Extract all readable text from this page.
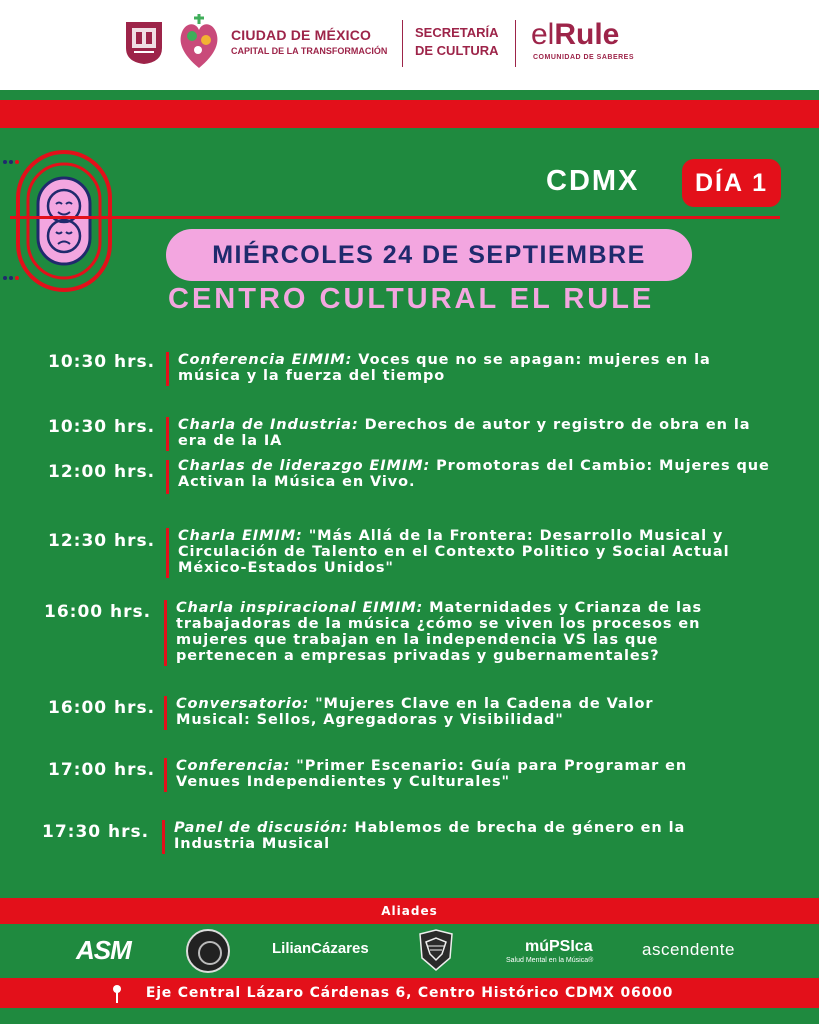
CIUDAD DE MÉXICO
CAPITAL DE LA TRANSFORMACIÓN
SECRETARÍA
DE CULTURA elRule
COMUNIDAD DE SABERES
CDMX	DÍA 1
MIÉRCOLES 24 DE SEPTIEMBRE
CENTRO CULTURAL EL RULE
10:30 hrs.	Conferencia EIMIM: Voces que no se apagan: mujeres en la música y la fuerza del tiempo
10:30 hrs.	Charla de Industria: Derechos de autor y registro de obra en la era de la IA
12:00 hrs.	Charlas de liderazgo EIMIM: Promotoras del Cambio: Mujeres que Activan la Música en Vivo.
12:30 hrs.	Charla EIMIM: "Más Allá de la Frontera: Desarrollo Musical y Circulación de Talento en el Contexto Politico y Social Actual México-Estados Unidos"
16:00 hrs.	Charla inspiracional EIMIM: Maternidades y Crianza de las trabajadoras de la música ¿cómo se viven los procesos en mujeres que trabajan en la independencia VS las que pertenecen a empresas privadas y gubernamentales?
16:00 hrs.	Conversatorio: "Mujeres Clave en la Cadena de Valor Musical: Sellos, Agregadoras y Visibilidad"
17:00 hrs.	Conferencia: "Primer Escenario: Guía para Programar en Venues Independientes y Culturales"
17:30 hrs.	Panel de discusión: Hablemos de brecha de género en la Industria Musical
Aliades
ASM	LilianCázares	múPSIca
Salud Mental en la Música®
ascendente
Eje Central Lázaro Cárdenas 6, Centro Histórico CDMX 06000
